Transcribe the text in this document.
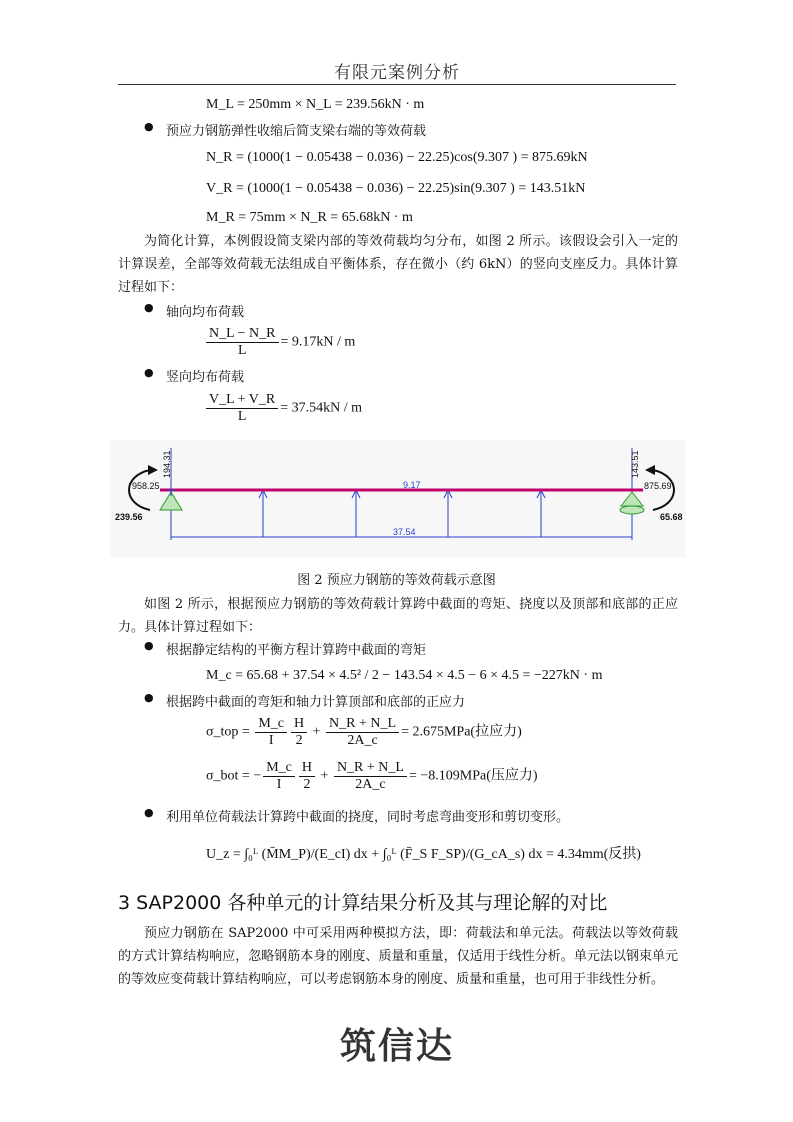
有限元案例分析
M_L = 250mm × N_L = 239.56kN · m
● 预应力钢筋弹性收缩后简支梁右端的等效荷载
N_R = (1000(1 − 0.05438 − 0.036) − 22.25)cos(9.307 ) = 875.69kN
V_R = (1000(1 − 0.05438 − 0.036) − 22.25)sin(9.307 ) = 143.51kN
M_R = 75mm × N_R = 65.68kN · m
为简化计算，本例假设简支梁内部的等效荷载均匀分布，如图 2 所示。该假设会引入一定的计算误差，全部等效荷载无法组成自平衡体系，存在微小（约 6kN）的竖向支座反力。具体计算过程如下：
● 轴向均布荷载
$\frac{N\_L - N\_R}{L} = 9.17kN / m$
● 竖向均布荷载
$\frac{V\_L + V\_R}{L} = 37.54kN / m$
958.25
194.31
239.56
9.17
37.54
143.51
875.69
65.68
图 2 预应力钢筋的等效荷载示意图
如图 2 所示，根据预应力钢筋的等效荷载计算跨中截面的弯矩、挠度以及顶部和底部的正应力。具体计算过程如下：
● 根据静定结构的平衡方程计算跨中截面的弯矩
M_c = 65.68 + 37.54 × 4.5² / 2 − 143.54 × 4.5 − 6 × 4.5 = −227kN · m
● 根据跨中截面的弯矩和轴力计算顶部和底部的正应力
σ_top = $\frac{M\_c}{I} \frac{H}{2} + \frac{N\_R + N\_L}{2A\_c} = 2.675MPa$(拉应力)
σ_bot = − $\frac{M\_c}{I} \frac{H}{2} + \frac{N\_R + N\_L}{2A\_c} = -8.109MPa$(压应力)
● 利用单位荷载法计算跨中截面的挠度，同时考虑弯曲变形和剪切变形。
U_z = ∫₀ᴸ (M̄M_P)/(E_cI) dx + ∫₀ᴸ (F̄_S F_SP)/(G_cA_s) dx = 4.34mm(反拱)
3 SAP2000 各种单元的计算结果分析及其与理论解的对比
预应力钢筋在 SAP2000 中可采用两种模拟方法，即：荷载法和单元法。荷载法以等效荷载的方式计算结构响应，忽略钢筋本身的刚度、质量和重量，仅适用于线性分析。单元法以钢束单元的等效应变荷载计算结构响应，可以考虑钢筋本身的刚度、质量和重量，也可用于非线性分析。
筑信达
